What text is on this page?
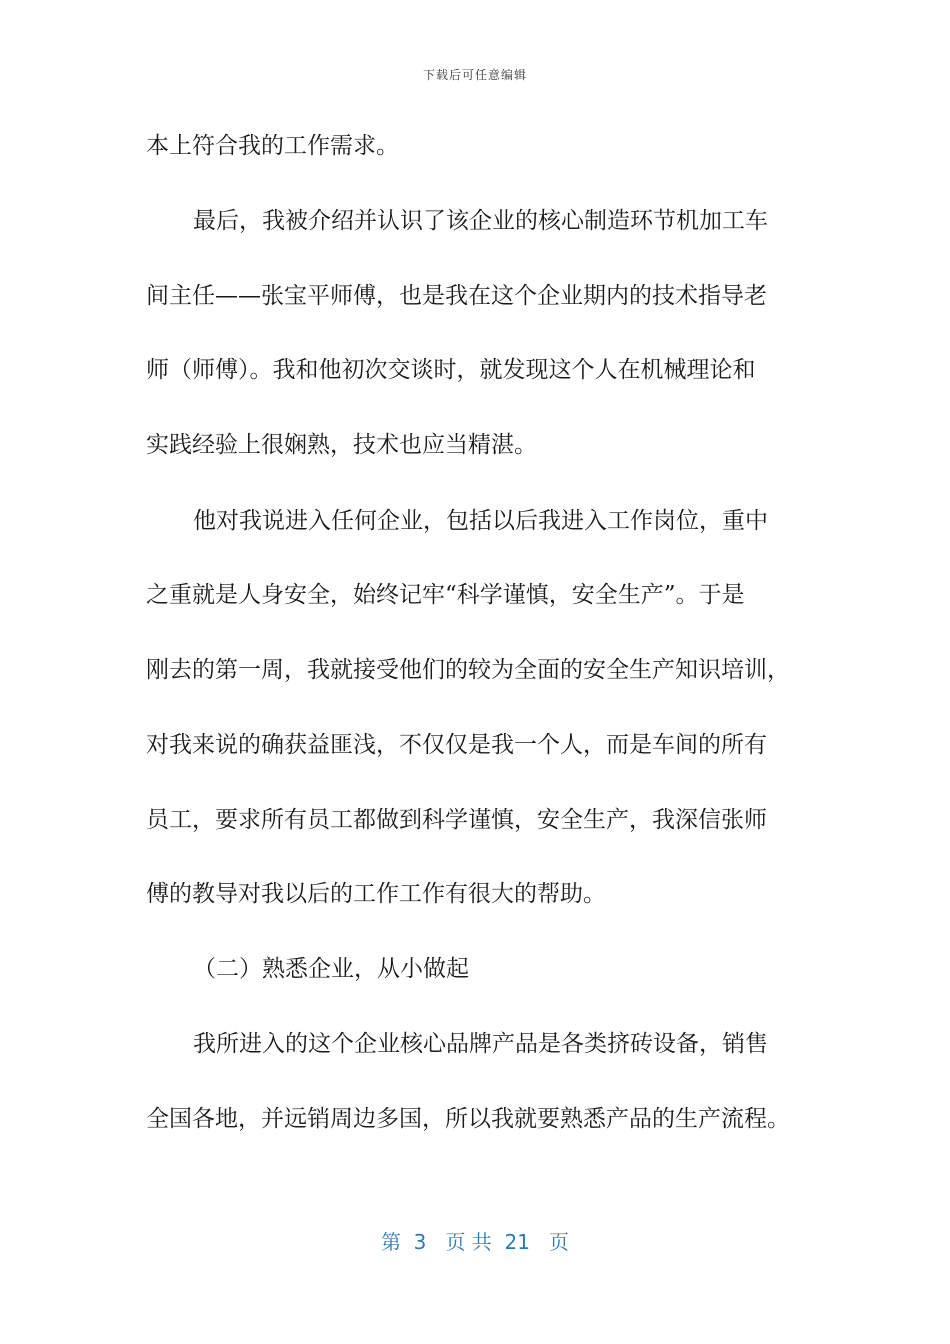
下载后可任意编辑
本上符合我的工作需求。
最后，我被介绍并认识了该企业的核心制造环节机加工车
间主任——张宝平师傅，也是我在这个企业期内的技术指导老
师（师傅）。我和他初次交谈时，就发现这个人在机械理论和
实践经验上很娴熟，技术也应当精湛。
他对我说进入任何企业，包括以后我进入工作岗位，重中
之重就是人身安全，始终记牢“科学谨慎，安全生产”。于是
刚去的第一周，我就接受他们的较为全面的安全生产知识培训，
对我来说的确获益匪浅，不仅仅是我一个人，而是车间的所有
员工，要求所有员工都做到科学谨慎，安全生产，我深信张师
傅的教导对我以后的工作工作有很大的帮助。
（二）熟悉企业，从小做起
我所进入的这个企业核心品牌产品是各类挤砖设备，销售
全国各地，并远销周边多国，所以我就要熟悉产品的生产流程。
第  3   页 共  21   页
